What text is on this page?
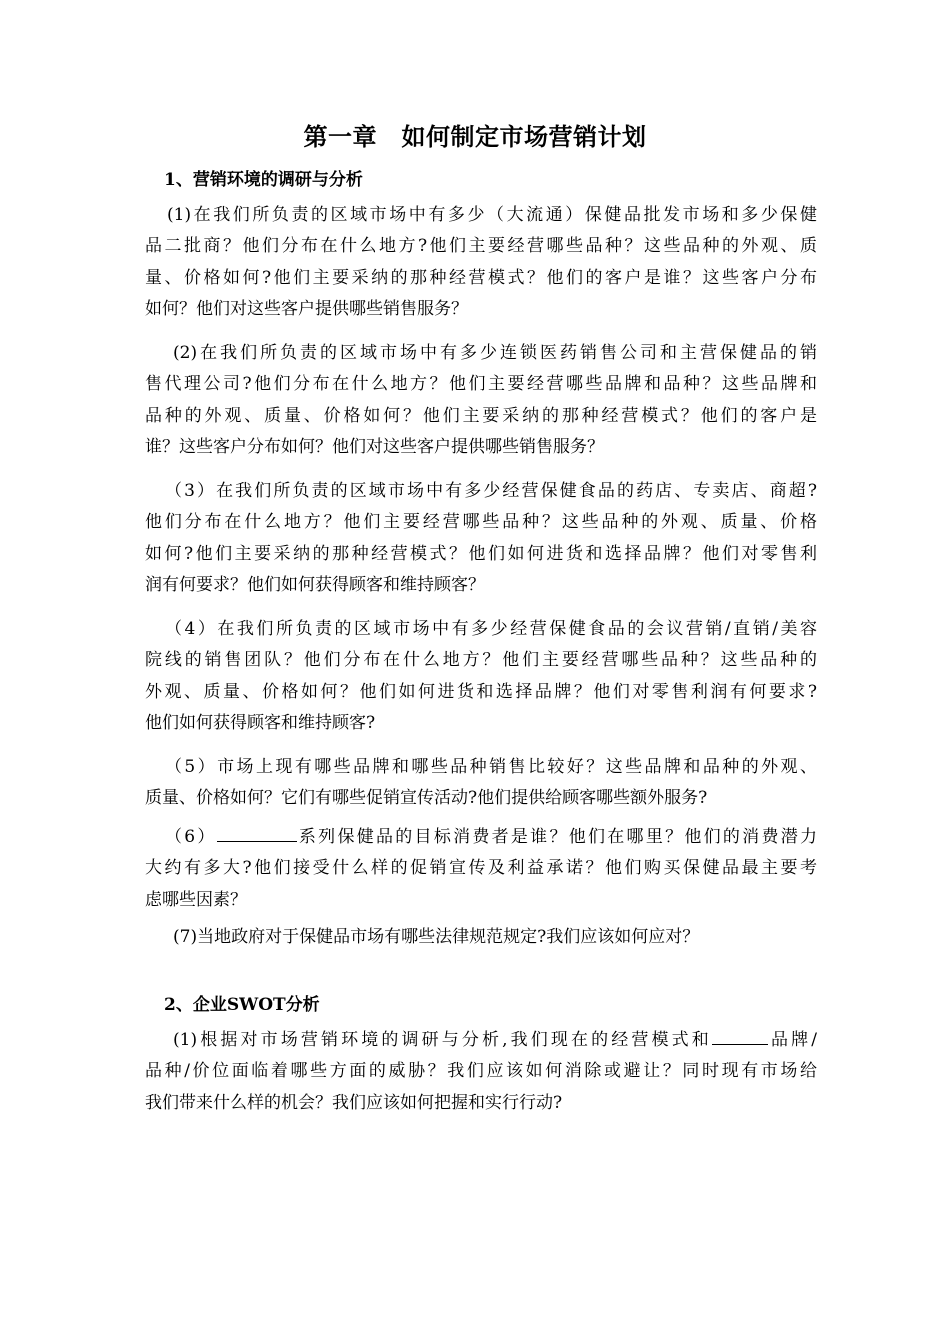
第一章　如何制定市场营销计划
1、营销环境的调研与分析
(1)在我们所负责的区域市场中有多少（大流通）保健品批发市场和多少保健
品二批商？他们分布在什么地方?他们主要经营哪些品种？这些品种的外观、质
量、价格如何?他们主要采纳的那种经营模式？他们的客户是谁？这些客户分布
如何？他们对这些客户提供哪些销售服务？
(2)在我们所负责的区域市场中有多少连锁医药销售公司和主营保健品的销
售代理公司?他们分布在什么地方？他们主要经营哪些品牌和品种？这些品牌和
品种的外观、质量、价格如何？他们主要采纳的那种经营模式？他们的客户是
谁？这些客户分布如何？他们对这些客户提供哪些销售服务？
（3）在我们所负责的区域市场中有多少经营保健食品的药店、专卖店、商超?
他们分布在什么地方？他们主要经营哪些品种？这些品种的外观、质量、价格
如何?他们主要采纳的那种经营模式？他们如何进货和选择品牌？他们对零售利
润有何要求？他们如何获得顾客和维持顾客？
（4）在我们所负责的区域市场中有多少经营保健食品的会议营销/直销/美容
院线的销售团队？他们分布在什么地方？他们主要经营哪些品种？这些品种的
外观、质量、价格如何？他们如何进货和选择品牌？他们对零售利润有何要求?
他们如何获得顾客和维持顾客?
（5）市场上现有哪些品牌和哪些品种销售比较好？这些品牌和品种的外观、
质量、价格如何？它们有哪些促销宣传活动?他们提供给顾客哪些额外服务?
（6）	系列保健品的目标消费者是谁？他们在哪里？他们的消费潜力
大约有多大?他们接受什么样的促销宣传及利益承诺？他们购买保健品最主要考
虑哪些因素？
(7)当地政府对于保健品市场有哪些法律规范规定?我们应该如何应对？
2、企业SWOT分析
(1)根据对市场营销环境的调研与分析,我们现在的经营模式和	品牌/
品种/价位面临着哪些方面的威胁？我们应该如何消除或避让？同时现有市场给
我们带来什么样的机会？我们应该如何把握和实行行动?
